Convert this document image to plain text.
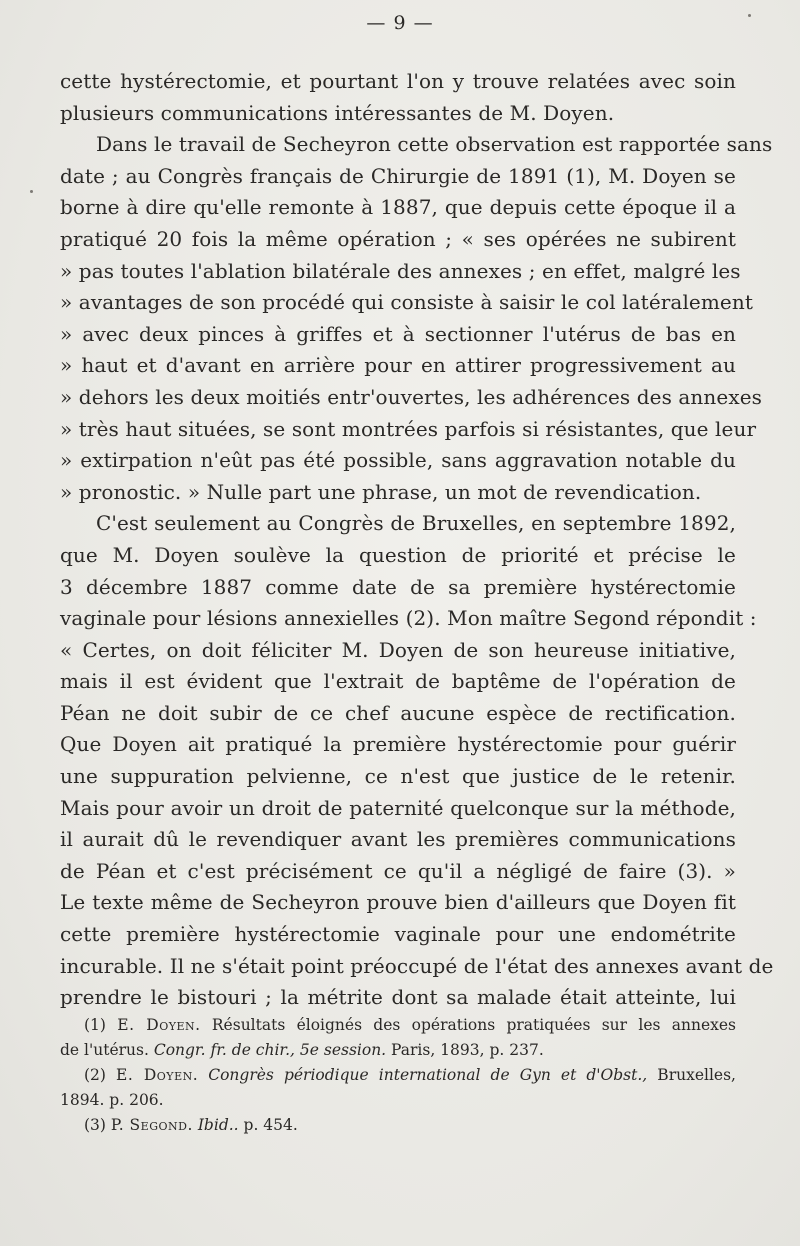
— 9 —
cette hystérectomie, et pourtant l'on y trouve relatées avec soin
plusieurs communications intéressantes de M. Doyen.
Dans le travail de Secheyron cette observation est rapportée sans
date ; au Congrès français de Chirurgie de 1891 (1), M. Doyen se
borne à dire qu'elle remonte à 1887, que depuis cette époque il a
pratiqué 20 fois la même opération ; « ses opérées ne subirent
» pas toutes l'ablation bilatérale des annexes ; en effet, malgré les
» avantages de son procédé qui consiste à saisir le col latéralement
» avec deux pinces à griffes et à sectionner l'utérus de bas en
» haut et d'avant en arrière pour en attirer progressivement au
» dehors les deux moitiés entr'ouvertes, les adhérences des annexes
» très haut situées, se sont montrées parfois si résistantes, que leur
» extirpation n'eût pas été possible, sans aggravation notable du
» pronostic. » Nulle part une phrase, un mot de revendication.
C'est seulement au Congrès de Bruxelles, en septembre 1892,
que M. Doyen soulève la question de priorité et précise le
3 décembre 1887 comme date de sa première hystérectomie
vaginale pour lésions annexielles (2). Mon maître Segond répondit :
« Certes, on doit féliciter M. Doyen de son heureuse initiative,
mais il est évident que l'extrait de baptême de l'opération de
Péan ne doit subir de ce chef aucune espèce de rectification.
Que Doyen ait pratiqué la première hystérectomie pour guérir
une suppuration pelvienne, ce n'est que justice de le retenir.
Mais pour avoir un droit de paternité quelconque sur la méthode,
il aurait dû le revendiquer avant les premières communications
de Péan et c'est précisément ce qu'il a négligé de faire (3). »
Le texte même de Secheyron prouve bien d'ailleurs que Doyen fit
cette première hystérectomie vaginale pour une endométrite
incurable. Il ne s'était point préoccupé de l'état des annexes avant de
prendre le bistouri ; la métrite dont sa malade était atteinte, lui
(1) E. Doyen. Résultats éloignés des opérations pratiquées sur les annexes
de l'utérus. Congr. fr. de chir., 5e session. Paris, 1893, p. 237.
(2) E. Doyen. Congrès périodique international de Gyn et d'Obst., Bruxelles,
1894. p. 206.
(3) P. Segond. Ibid.. p. 454.
